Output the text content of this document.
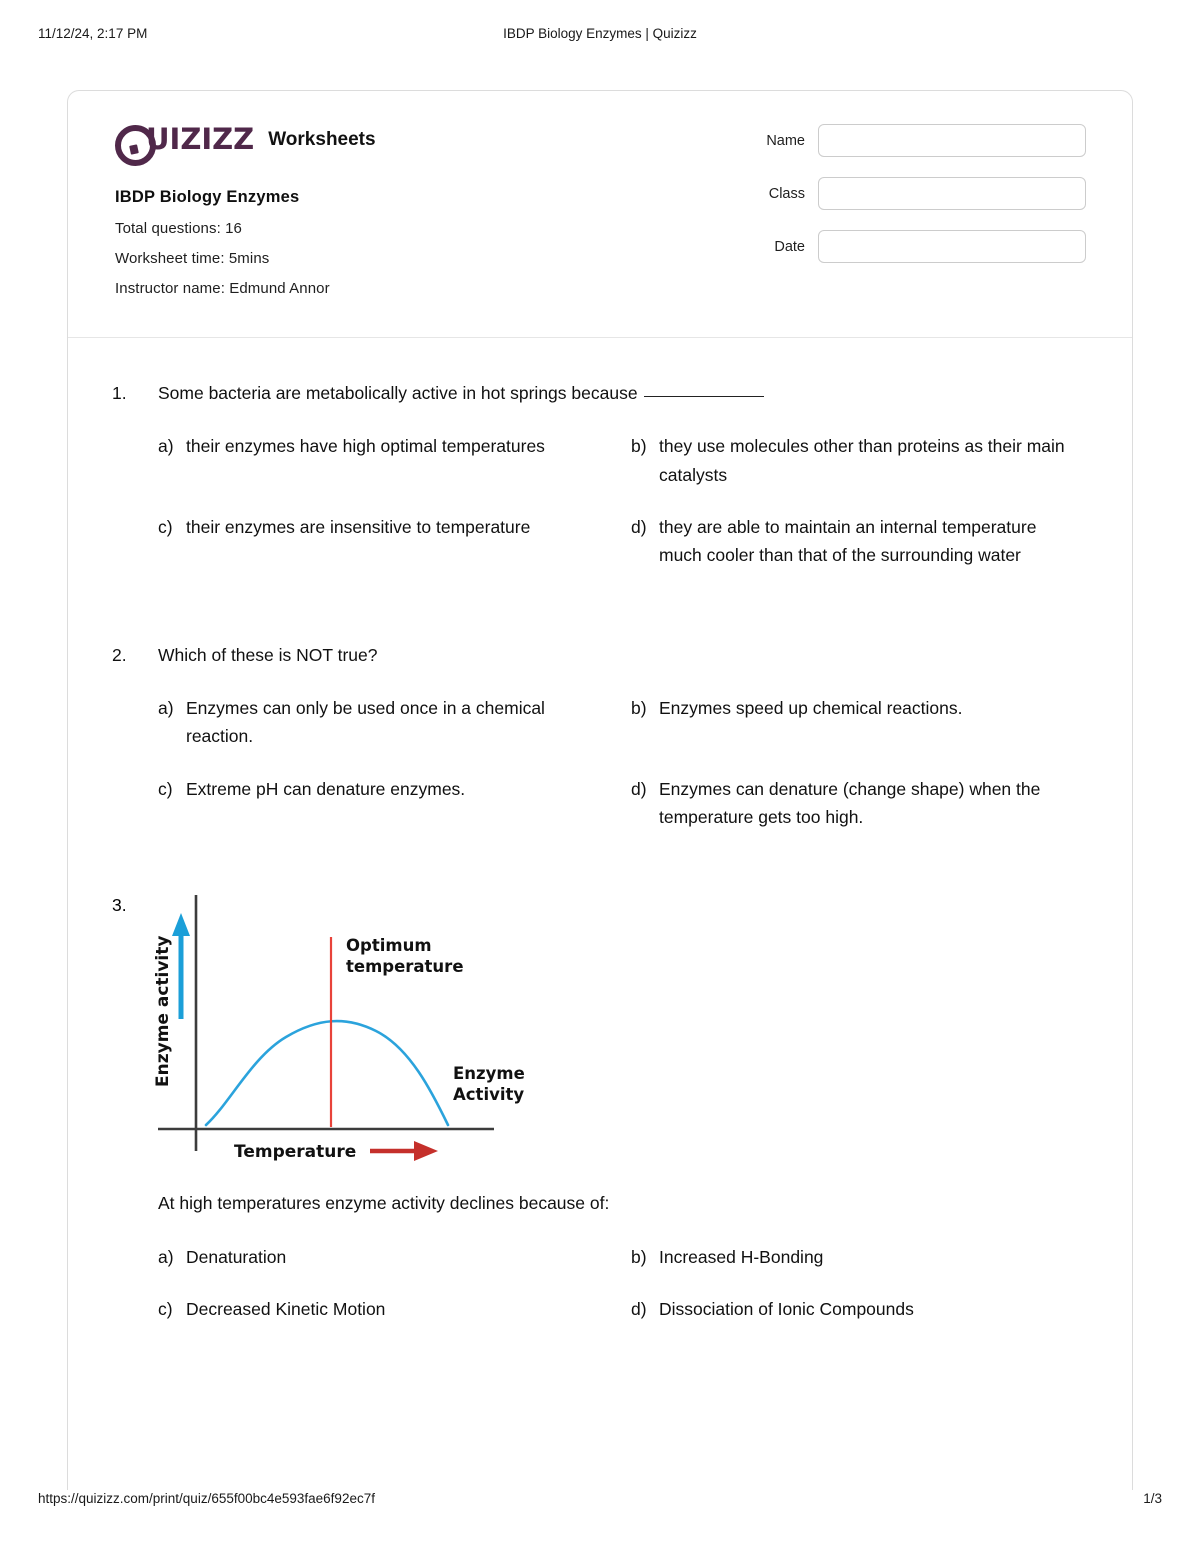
11/12/24, 2:17 PM	IBDP Biology Enzymes | Quizizz
UIZIZZ Worksheets
IBDP Biology Enzymes
Total questions: 16
Worksheet time: 5mins
Instructor name: Edmund Annor
Name
Class
Date
1.	Some bacteria are metabolically active in hot springs because
a) their enzymes have high optimal temperatures	b) they use molecules other than proteins as their main catalysts
c) their enzymes are insensitive to temperature	d) they are able to maintain an internal temperature much cooler than that of the surrounding water
2.	Which of these is NOT true?
a) Enzymes can only be used once in a chemical reaction.
b) Enzymes speed up chemical reactions.
c) Extreme pH can denature enzymes.	d) Enzymes can denature (change shape) when the temperature gets too high.
3.
Enzyme activity	Optimum
temperature
Enzyme
Activity
Temperature
At high temperatures enzyme activity declines because of:
a) Denaturation	b) Increased H-Bonding
c) Decreased Kinetic Motion	d) Dissociation of Ionic Compounds
https://quizizz.com/print/quiz/655f00bc4e593fae6f92ec7f	1/3
